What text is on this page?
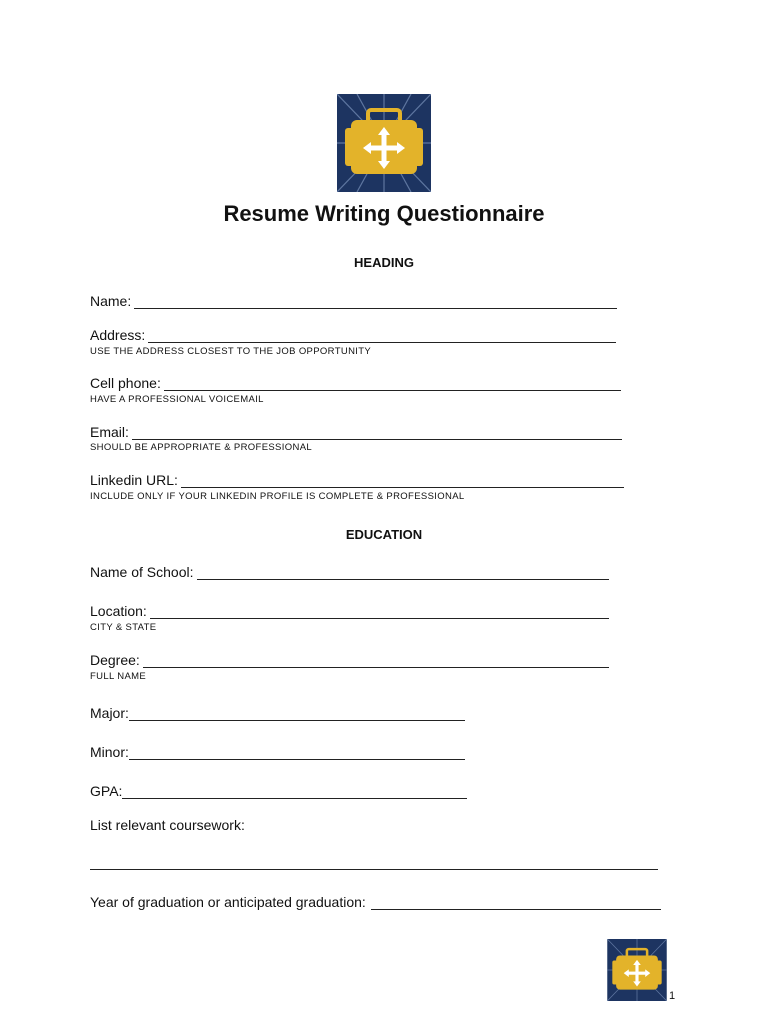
Resume Writing Questionnaire
HEADING
Name:
Address:
USE THE ADDRESS CLOSEST TO THE JOB OPPORTUNITY
Cell phone:
HAVE A PROFESSIONAL VOICEMAIL
Email:
SHOULD BE APPROPRIATE & PROFESSIONAL
Linkedin URL:
INCLUDE ONLY IF YOUR LINKEDIN PROFILE IS COMPLETE & PROFESSIONAL
EDUCATION
Name of School:
Location:
CITY & STATE
Degree:
FULL NAME
Major:
Minor:
GPA:
List relevant coursework:
Year of graduation or anticipated graduation:
1
